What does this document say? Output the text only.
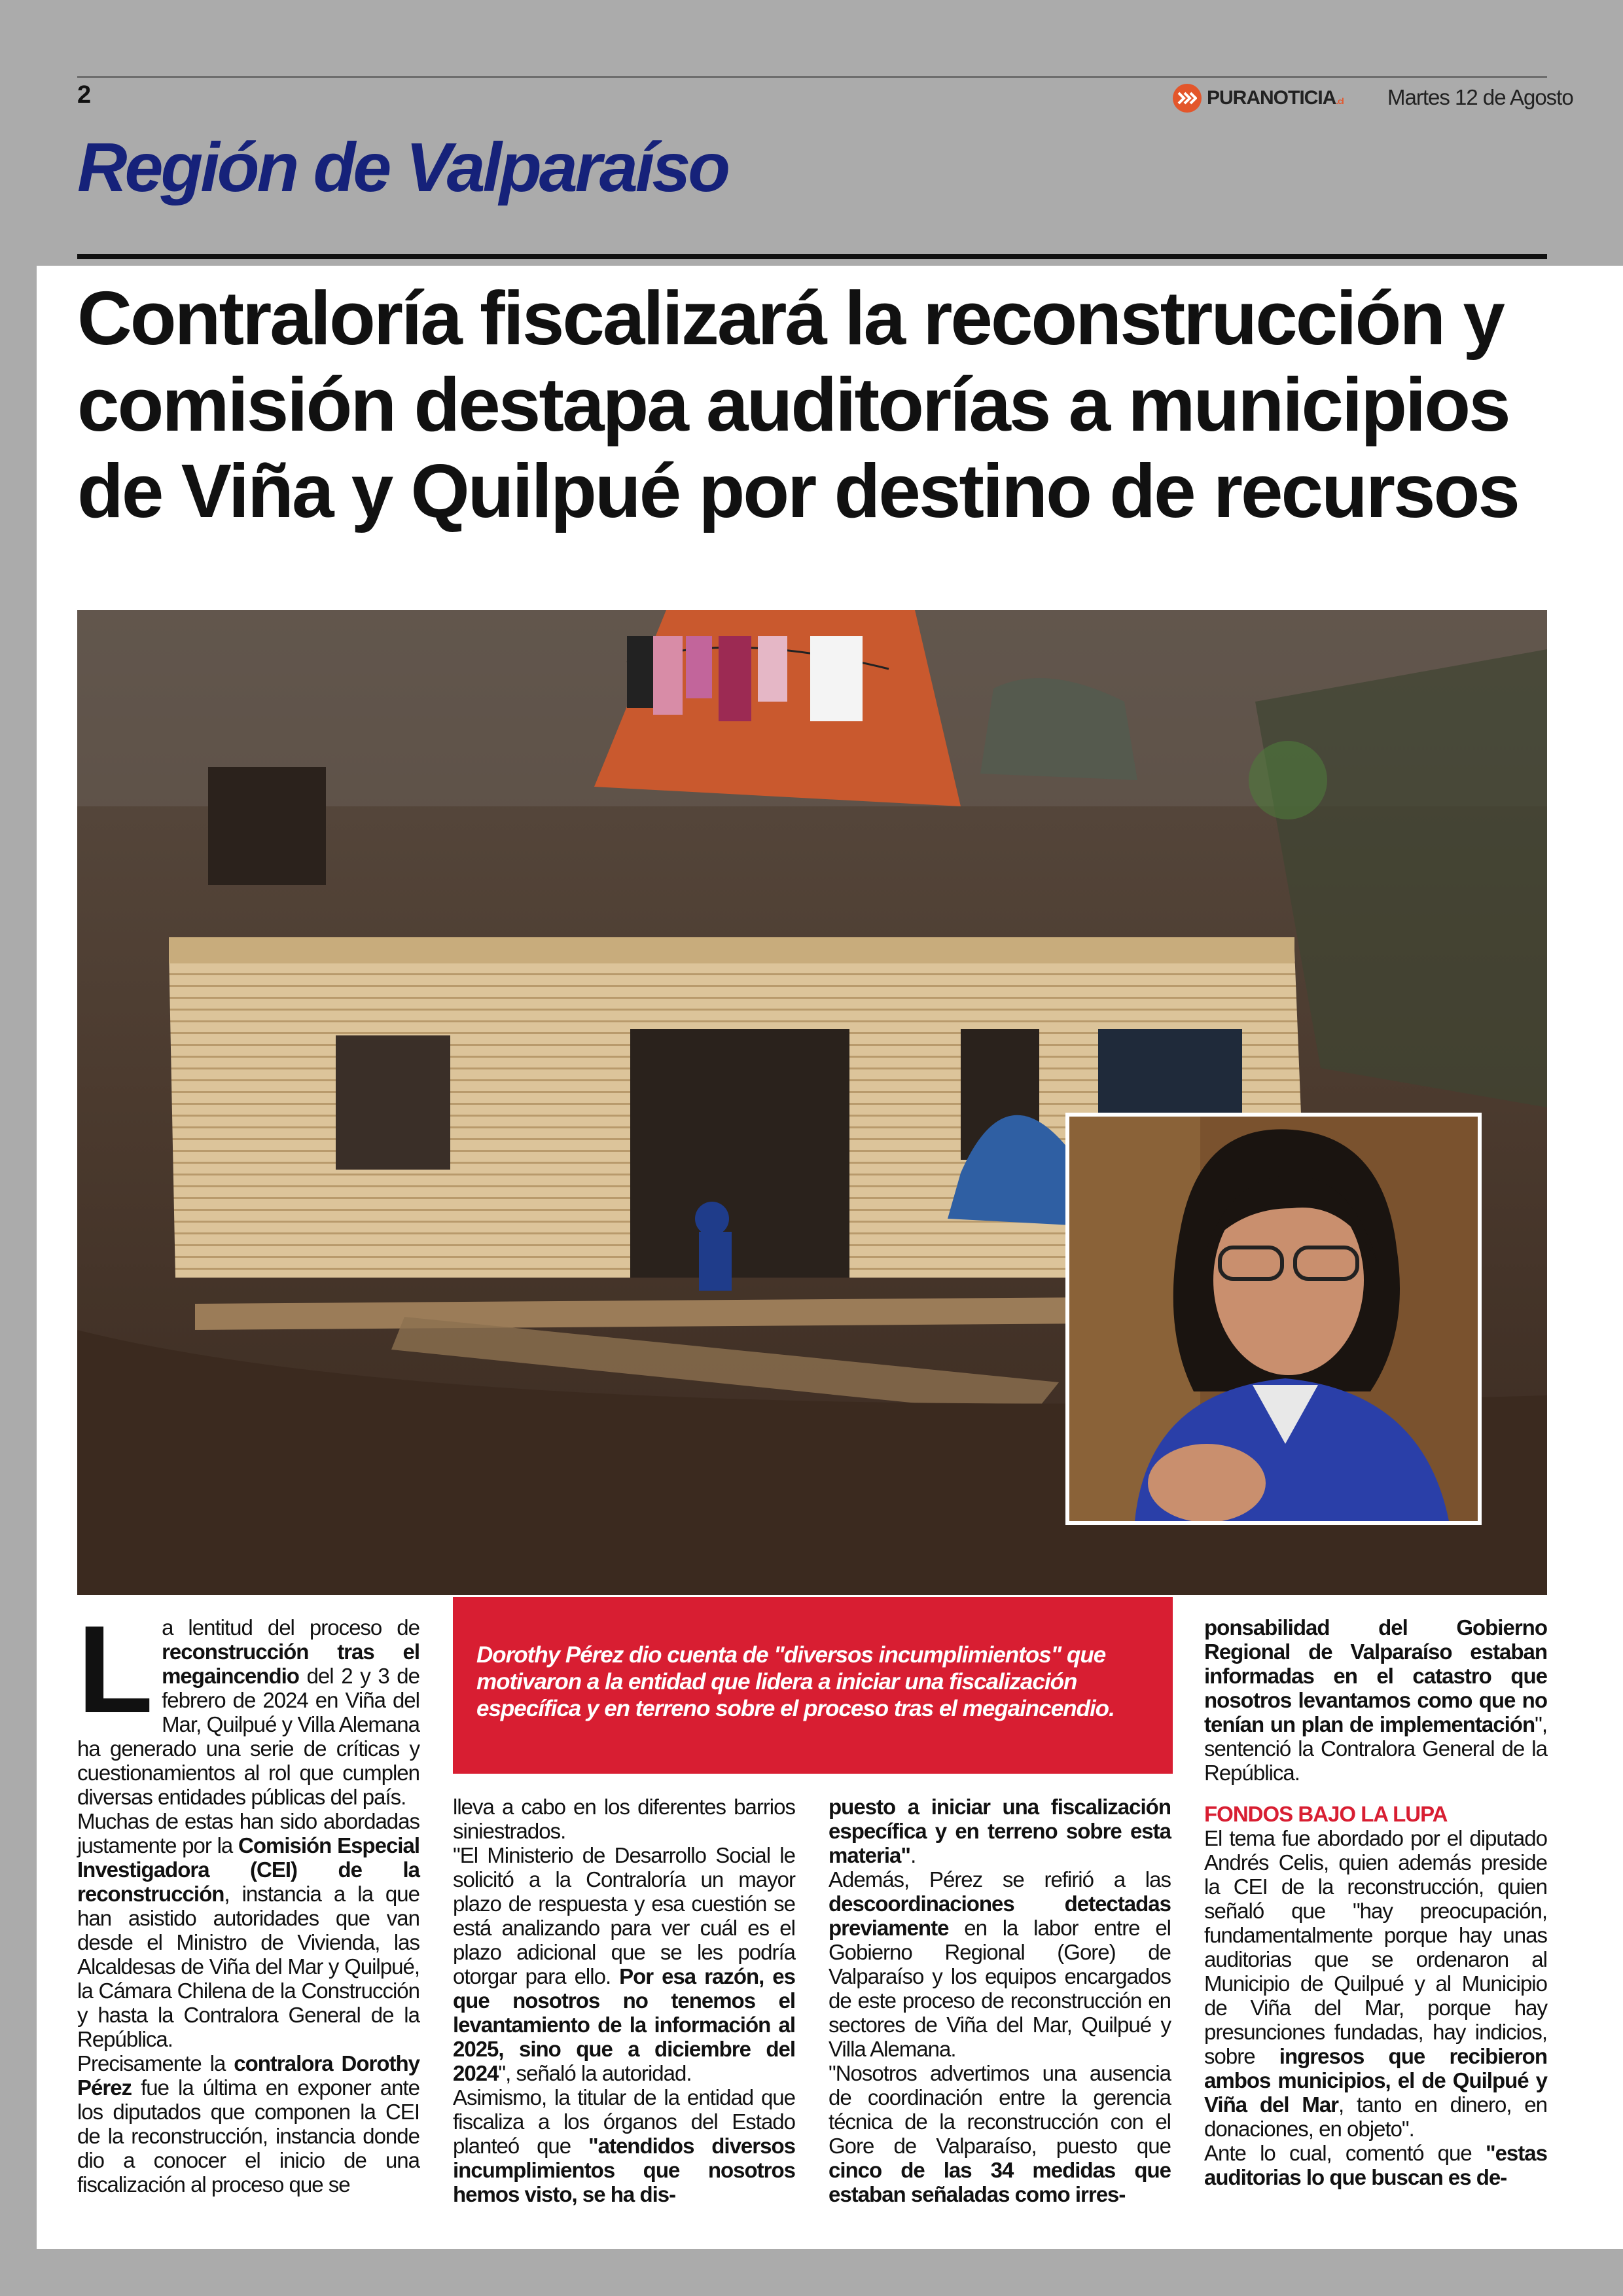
2	PURANOTICIA.cl Martes 12 de Agosto
Región de Valparaíso
Contraloría fiscalizará la reconstrucción y comisión destapa auditorías a municipios de Viña y Quilpué por destino de recursos

La lentitud del proceso de reconstrucción tras el megaincendio del 2 y 3 de febrero de 2024 en Viña del Mar, Quilpué y Villa Alemana ha generado una serie de críticas y cuestionamientos al rol que cumplen diversas entidades públicas del país.

Muchas de estas han sido abordadas justamente por la Comisión Especial Investigadora (CEI) de la reconstrucción, instancia a la que han asistido autoridades que van desde el Ministro de Vivienda, las Alcaldesas de Viña del Mar y Quilpué, la Cámara Chilena de la Construcción y hasta la Contralora General de la República.

Precisamente la contralora Dorothy Pérez fue la última en exponer ante los diputados que componen la CEI de la reconstrucción, instancia donde dio a conocer el inicio de una fiscalización al proceso que se

Dorothy Pérez dio cuenta de "diversos incumplimientos" que motivaron a la entidad que lidera a iniciar una fiscalización específica y en terreno sobre el proceso tras el megaincendio.

lleva a cabo en los diferentes barrios siniestrados.

"El Ministerio de Desarrollo Social le solicitó a la Contraloría un mayor plazo de respuesta y esa cuestión se está analizando para ver cuál es el plazo adicional que se les podría otorgar para ello. Por esa razón, es que nosotros no tenemos el levantamiento de la información al 2025, sino que a diciembre del 2024", señaló la autoridad.

Asimismo, la titular de la entidad que fiscaliza a los órganos del Estado planteó que "atendidos diversos incumplimientos que nosotros hemos visto, se ha dis-

puesto a iniciar una fiscalización específica y en terreno sobre esta materia".

Además, Pérez se refirió a las descoordinaciones detectadas previamente en la labor entre el Gobierno Regional (Gore) de Valparaíso y los equipos encargados de este proceso de reconstrucción en sectores de Viña del Mar, Quilpué y Villa Alemana.

"Nosotros advertimos una ausencia de coordinación entre la gerencia técnica de la reconstrucción con el Gore de Valparaíso, puesto que cinco de las 34 medidas que estaban señaladas como irres-

ponsabilidad del Gobierno Regional de Valparaíso estaban informadas en el catastro que nosotros levantamos como que no tenían un plan de implementación", sentenció la Contralora General de la República.

FONDOS BAJO LA LUPA

El tema fue abordado por el diputado Andrés Celis, quien además preside la CEI de la reconstrucción, quien señaló que "hay preocupación, fundamentalmente porque hay unas auditorias que se ordenaron al Municipio de Quilpué y al Municipio de Viña del Mar, porque hay presunciones fundadas, hay indicios, sobre ingresos que recibieron ambos municipios, el de Quilpué y Viña del Mar, tanto en dinero, en donaciones, en objeto".

Ante lo cual, comentó que "estas auditorias lo que buscan es de-
